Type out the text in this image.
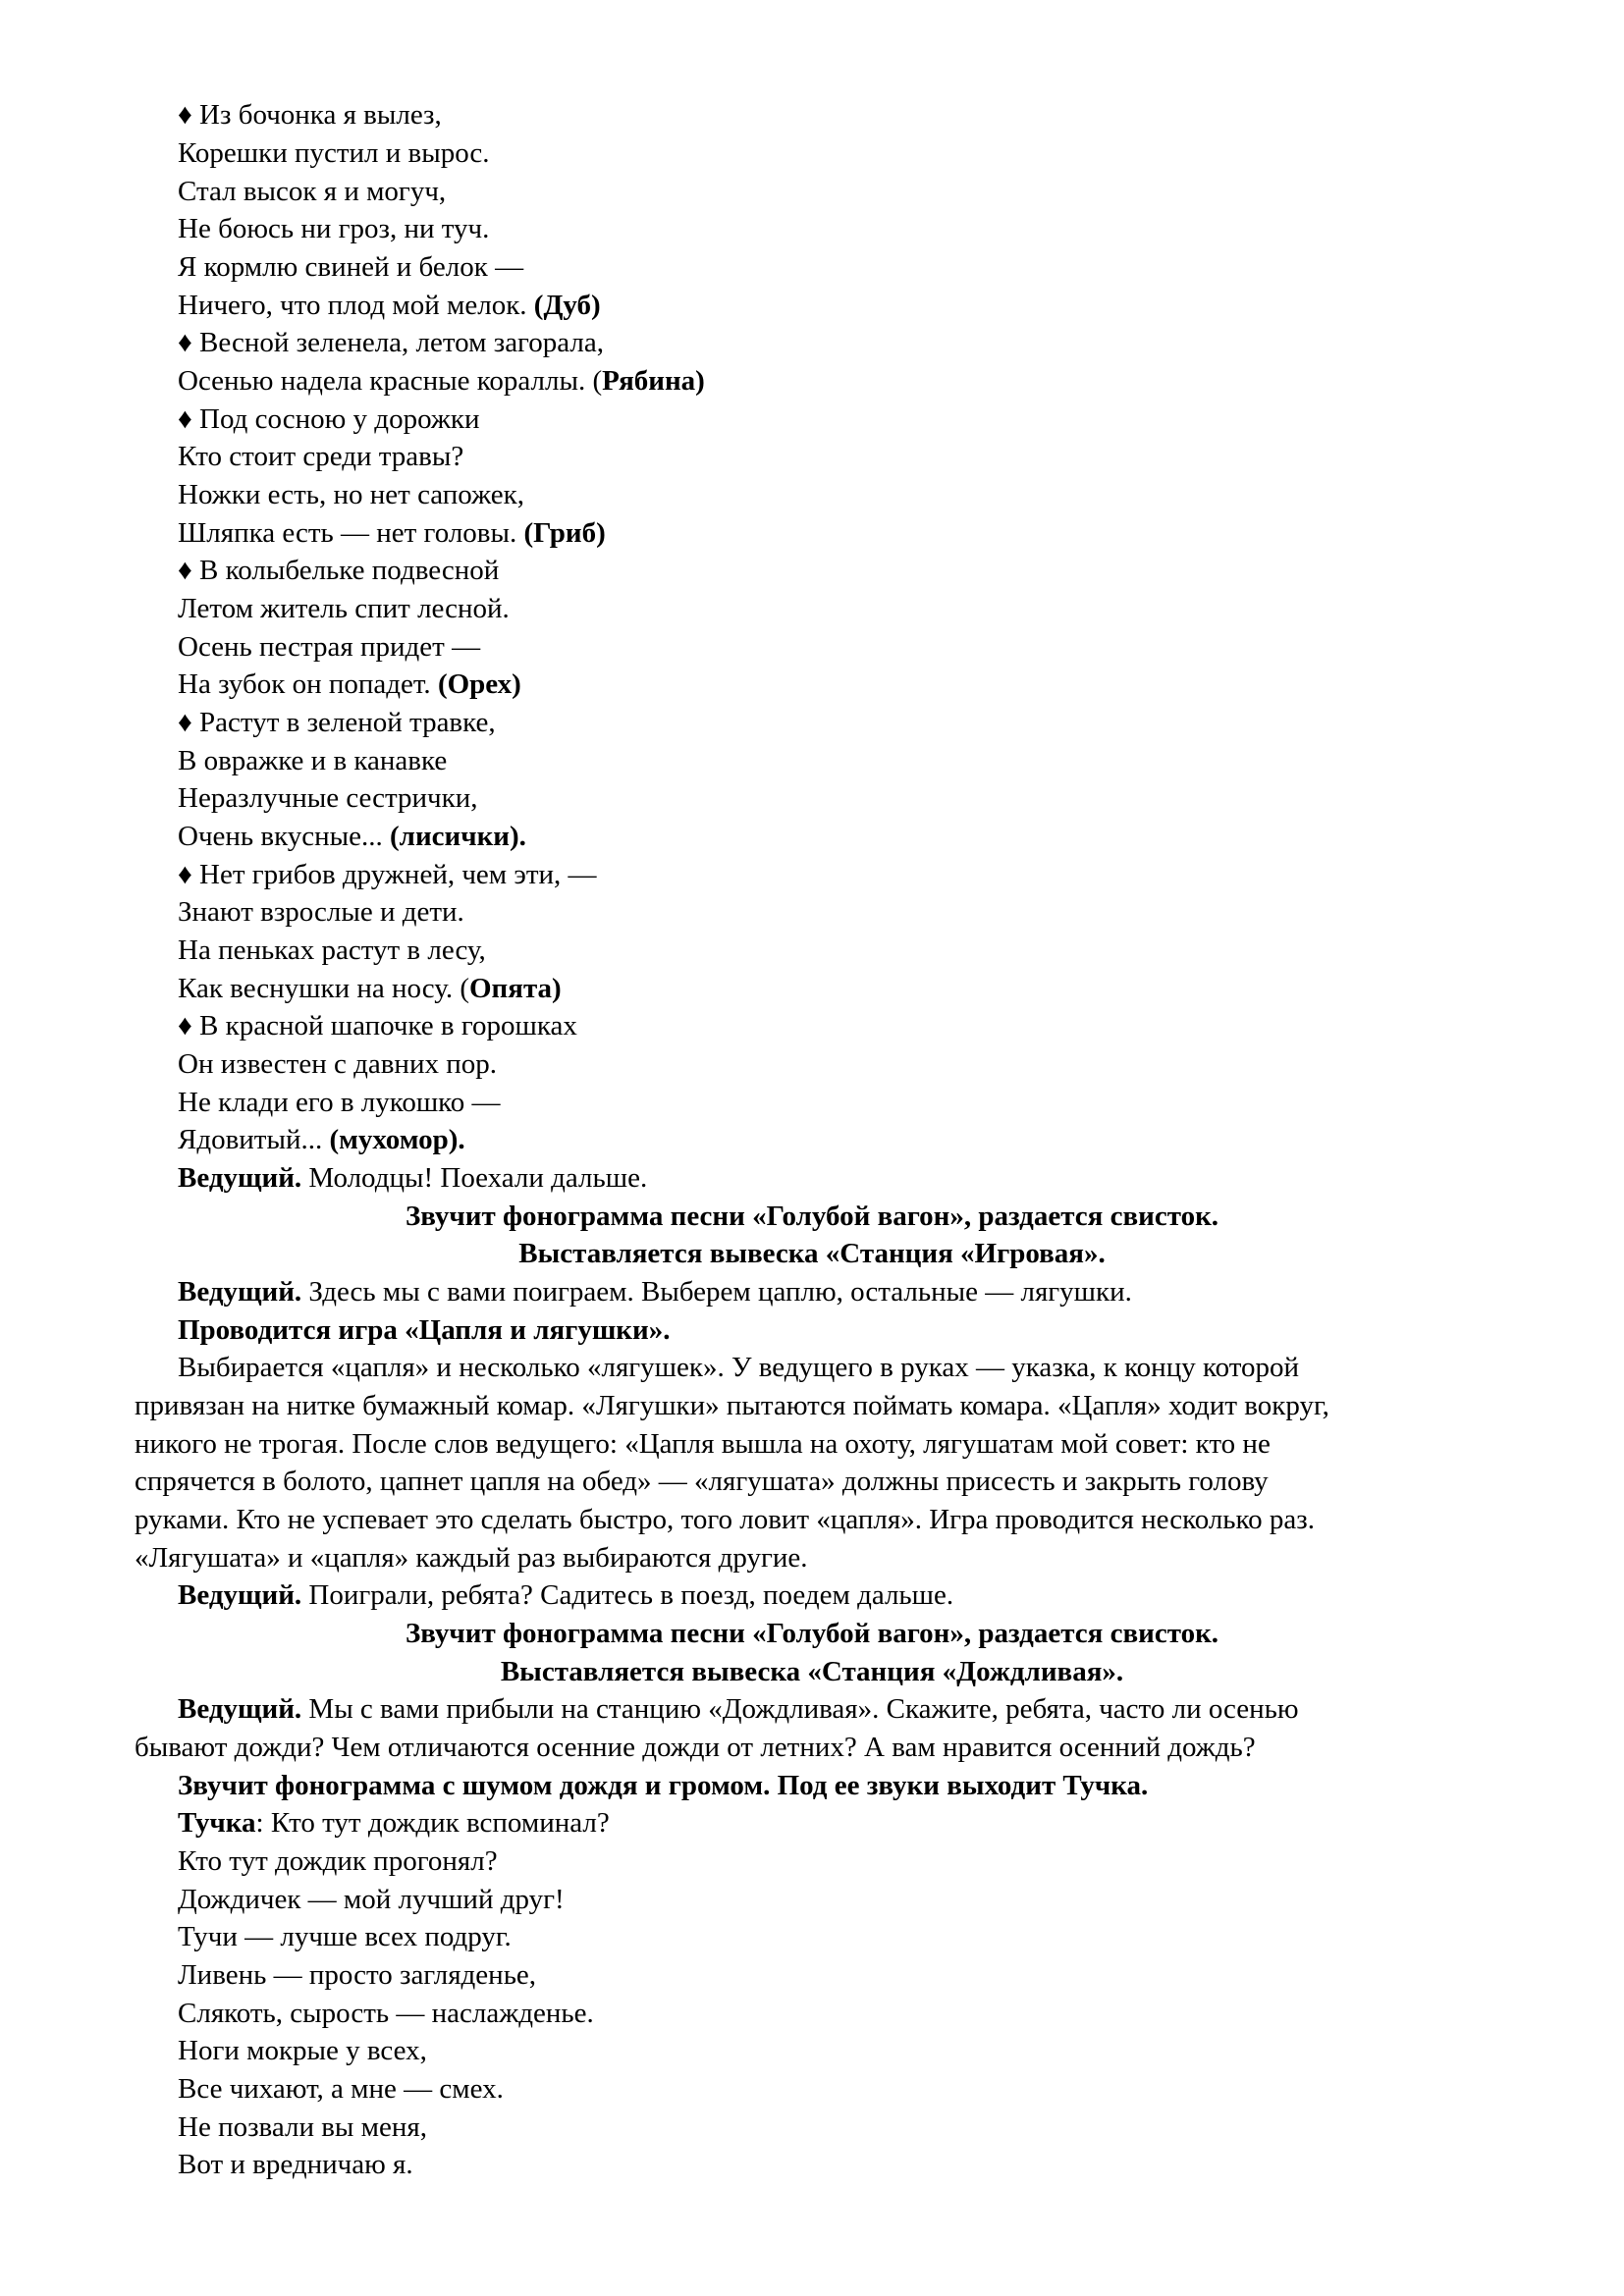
♦ Из бочонка я вылез,
Корешки пустил и вырос.
Стал высок я и могуч,
Не боюсь ни гроз, ни туч.
Я кормлю свиней и белок —
Ничего, что плод мой мелок. (Дуб)
♦ Весной зеленела, летом загорала,
Осенью надела красные кораллы. (Рябина)
♦ Под сосною у дорожки
Кто стоит среди травы?
Ножки есть, но нет сапожек,
Шляпка есть — нет головы. (Гриб)
♦ В колыбельке подвесной
Летом житель спит лесной.
Осень пестрая придет —
На зубок он попадет. (Орех)
♦ Растут в зеленой травке,
В овражке и в канавке
Неразлучные сестрички,
Очень вкусные... (лисички).
♦ Нет грибов дружней, чем эти, —
Знают взрослые и дети.
На пеньках растут в лесу,
Как веснушки на носу. (Опята)
♦ В красной шапочке в горошках
Он известен с давних пор.
Не клади его в лукошко —
Ядовитый... (мухомор).
Ведущий. Молодцы! Поехали дальше.
Звучит фонограмма песни «Голубой вагон», раздается свисток.
Выставляется вывеска «Станция «Игровая».
Ведущий. Здесь мы с вами поиграем. Выберем цаплю, остальные — лягушки.
Проводится игра «Цапля и лягушки».
Выбирается «цапля» и несколько «лягушек». У ведущего в руках — указка, к концу которой
привязан на нитке бумажный комар. «Лягушки» пытаются поймать комара. «Цапля» ходит вокруг,
никого не трогая. После слов ведущего: «Цапля вышла на охоту, лягушатам мой совет: кто не
спрячется в болото, цапнет цапля на обед» — «лягушата» должны присесть и закрыть голову
руками. Кто не успевает это сделать быстро, того ловит «цапля». Игра проводится несколько раз.
«Лягушата» и «цапля» каждый раз выбираются другие.
Ведущий. Поиграли, ребята? Садитесь в поезд, поедем дальше.
Звучит фонограмма песни «Голубой вагон», раздается свисток.
Выставляется вывеска «Станция «Дождливая».
Ведущий. Мы с вами прибыли на станцию «Дождливая». Скажите, ребята, часто ли осенью
бывают дожди? Чем отличаются осенние дожди от летних? А вам нравится осенний дождь?
Звучит фонограмма с шумом дождя и громом. Под ее звуки выходит Тучка.
Тучка: Кто тут дождик вспоминал?
Кто тут дождик прогонял?
Дождичек — мой лучший друг!
Тучи — лучше всех подруг.
Ливень — просто загляденье,
Слякоть, сырость — наслажденье.
Ноги мокрые у всех,
Все чихают, а мне — смех.
Не позвали вы меня,
Вот и вредничаю я.
